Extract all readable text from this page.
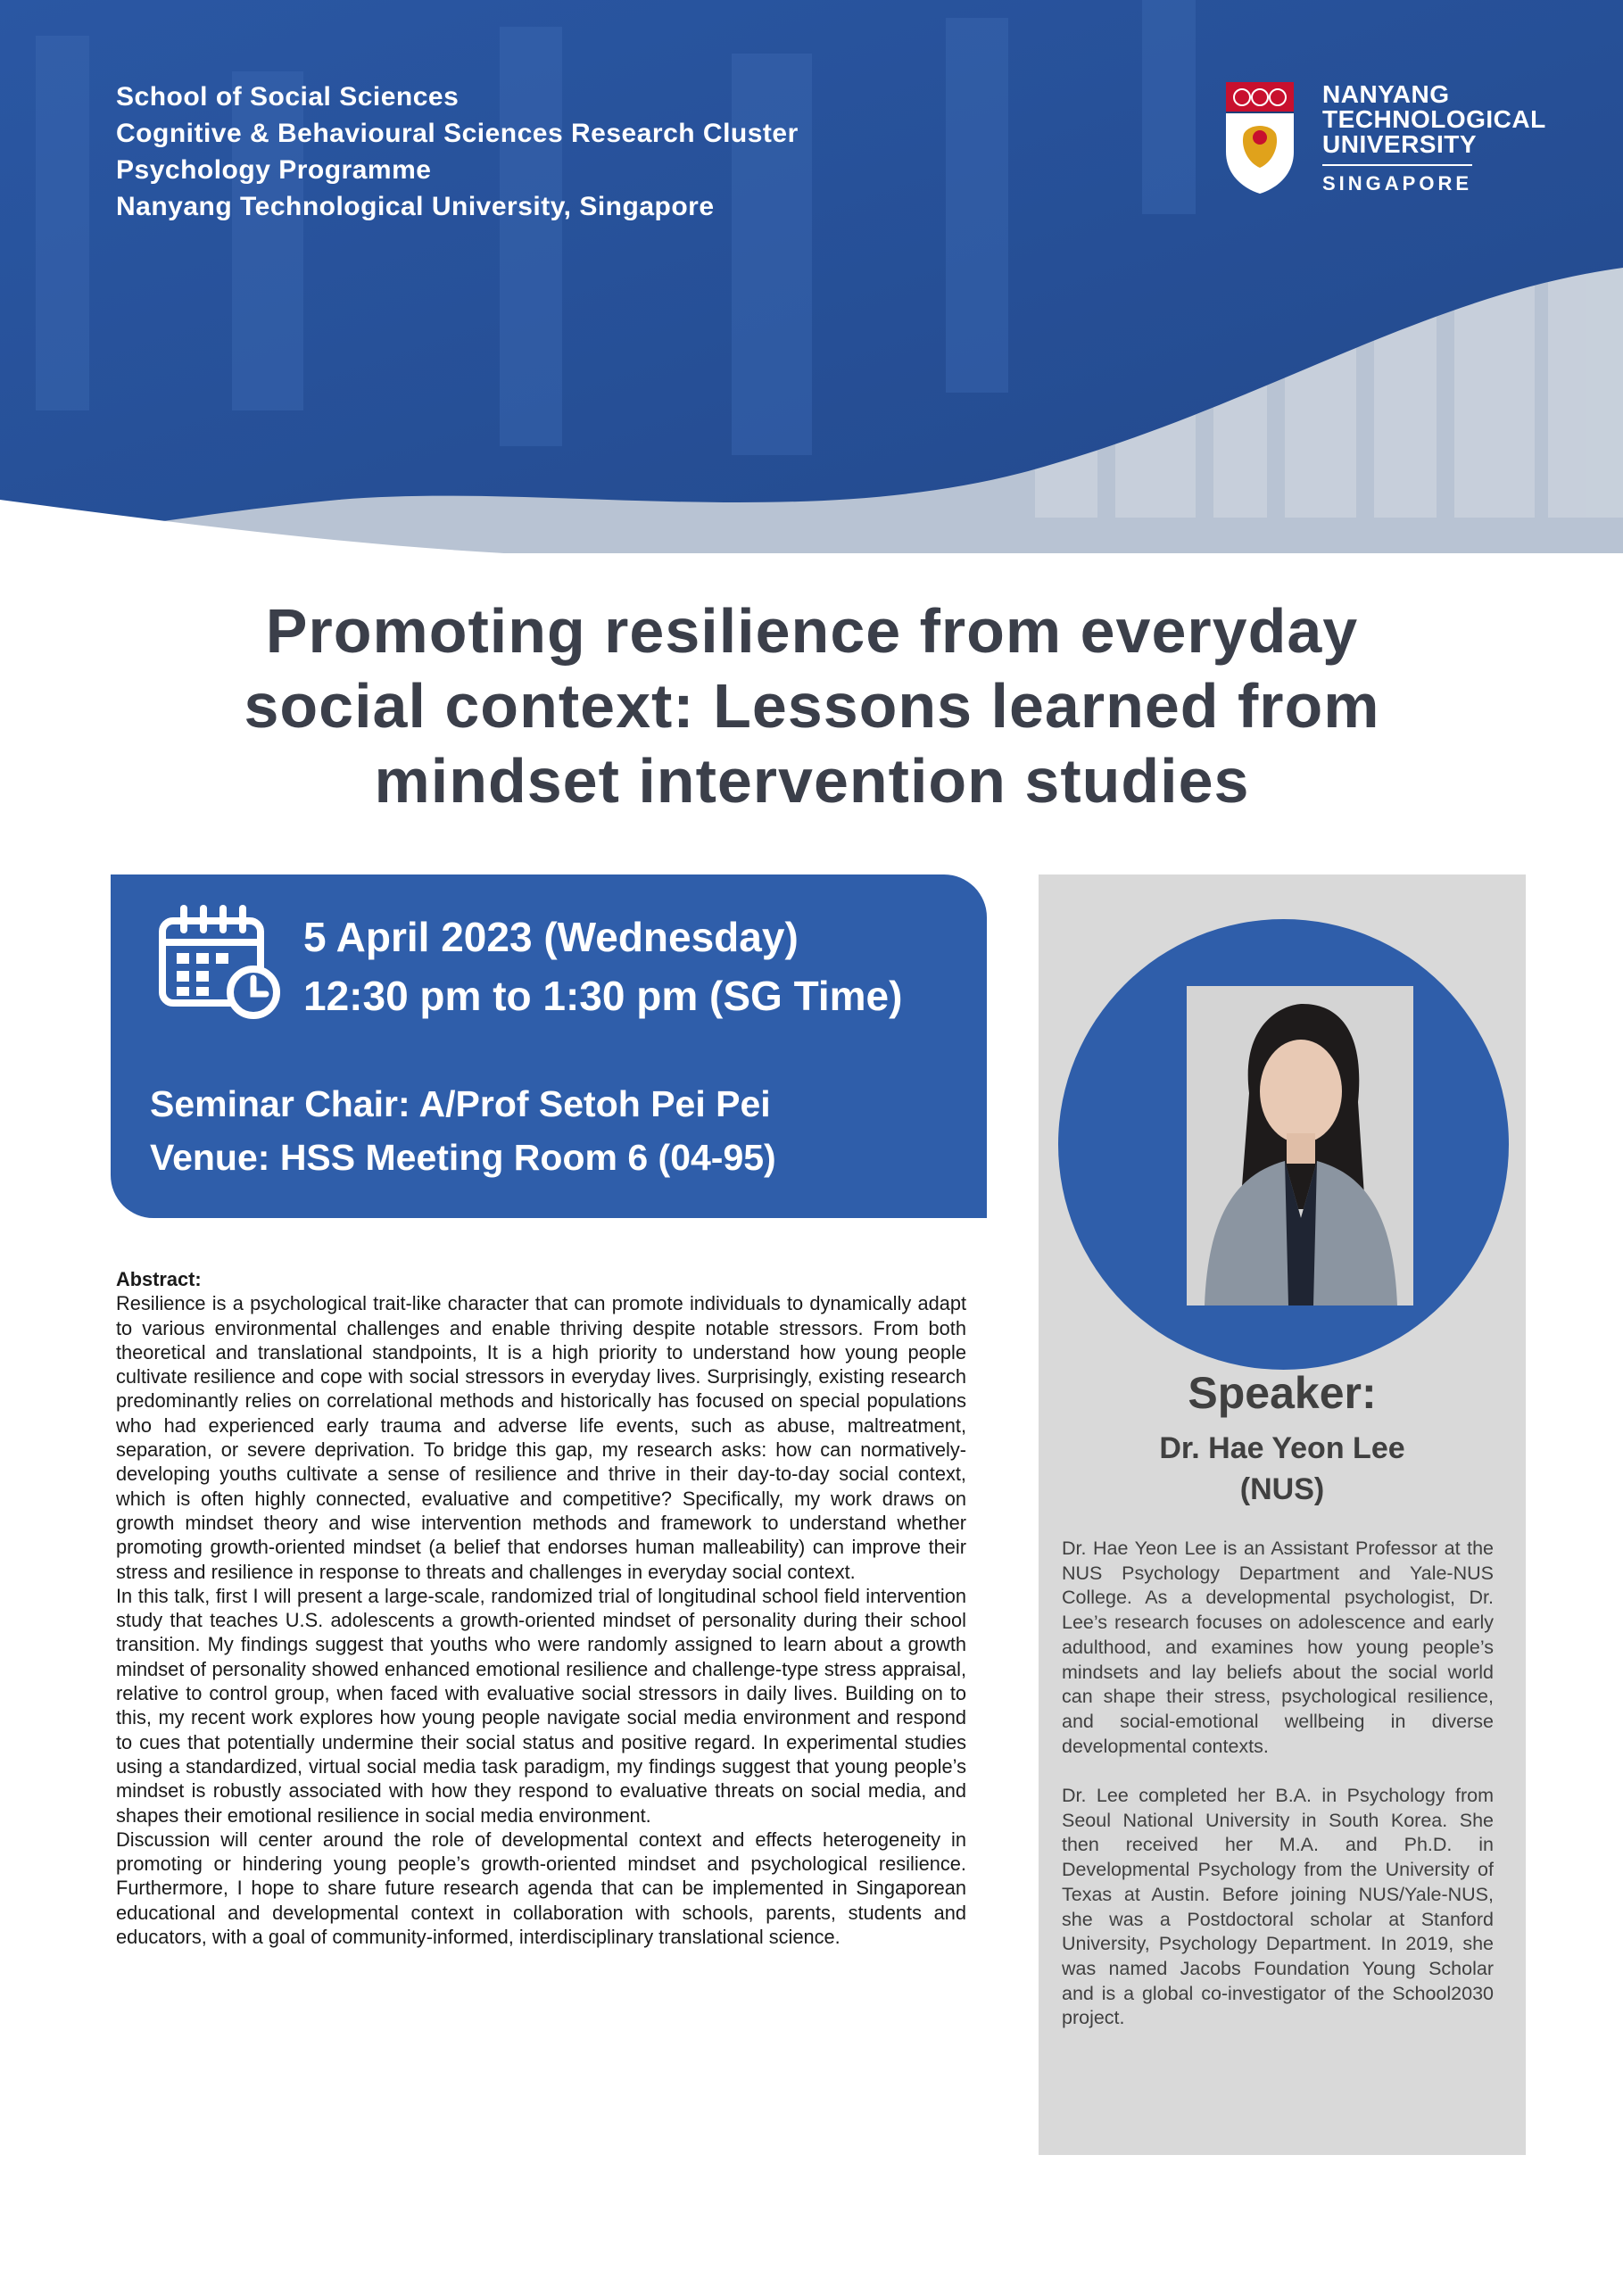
School of Social Sciences
Cognitive & Behavioural Sciences Research Cluster
Psychology Programme
Nanyang Technological University, Singapore
NANYANG
TECHNOLOGICAL
UNIVERSITY
SINGAPORE
Promoting resilience from everyday
social context: Lessons learned from
mindset intervention studies
5 April 2023 (Wednesday)
12:30 pm to 1:30 pm (SG Time)
Seminar Chair: A/Prof Setoh Pei Pei
Venue: HSS Meeting Room 6 (04-95)

Abstract:

Resilience is a psychological trait-like character that can promote individuals to dynamically adapt to various environmental challenges and enable thriving despite notable stressors. From both theoretical and translational standpoints, It is a high priority to understand how young people cultivate resilience and cope with social stressors in everyday lives. Surprisingly, existing research predominantly relies on correlational methods and historically has focused on special populations who had experienced early trauma and adverse life events, such as abuse, maltreatment, separation, or severe deprivation. To bridge this gap, my research asks: how can normatively-developing youths cultivate a sense of resilience and thrive in their day-to-day social context, which is often highly connected, evaluative and competitive? Specifically, my work draws on growth mindset theory and wise intervention methods and framework to understand whether promoting growth-oriented mindset (a belief that endorses human malleability) can improve their stress and resilience in response to threats and challenges in everyday social context.

In this talk, first I will present a large-scale, randomized trial of longitudinal school field intervention study that teaches U.S. adolescents a growth-oriented mindset of personality during their school transition. My findings suggest that youths who were randomly assigned to learn about a growth mindset of personality showed enhanced emotional resilience and challenge-type stress appraisal, relative to control group, when faced with evaluative social stressors in daily lives. Building on to this, my recent work explores how young people navigate social media environment and respond to cues that potentially undermine their social status and positive regard. In experimental studies using a standardized, virtual social media task paradigm, my findings suggest that young people’s mindset is robustly associated with how they respond to evaluative threats on social media, and shapes their emotional resilience in social media environment.

Discussion will center around the role of developmental context and effects heterogeneity in promoting or hindering young people’s growth-oriented mindset and psychological resilience. Furthermore, I hope to share future research agenda that can be implemented in Singaporean educational and developmental context in collaboration with schools, parents, students and educators, with a goal of community-informed, interdisciplinary translational science.

Speaker:
Dr. Hae Yeon Lee
(NUS)

Dr. Hae Yeon Lee is an Assistant Professor at the NUS Psychology Department and Yale-NUS College. As a developmental psychologist, Dr. Lee’s research focuses on adolescence and early adulthood, and examines how young people’s mindsets and lay beliefs about the social world can shape their stress, psychological resilience, and social-emotional wellbeing in diverse developmental contexts.

Dr. Lee completed her B.A. in Psychology from Seoul National University in South Korea. She then received her M.A. and Ph.D. in Developmental Psychology from the University of Texas at Austin. Before joining NUS/Yale-NUS, she was a Postdoctoral scholar at Stanford University, Psychology Department. In 2019, she was named Jacobs Foundation Young Scholar and is a global co-investigator of the School2030 project.
